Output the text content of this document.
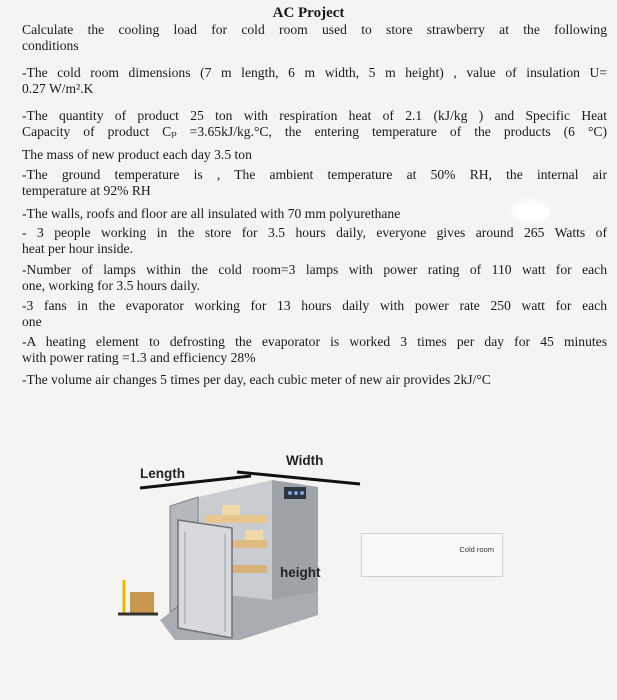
AC Project
Calculate the cooling load for cold room used to store strawberry at the following
conditions
-The cold room dimensions (7 m length, 6 m width, 5 m height) , value of insulation U=
0.27 W/m².K
-The quantity of product 25 ton with respiration heat of 2.1 (kJ/kg ) and Specific Heat
Capacity of product Cₚ =3.65kJ/kg.°C, the entering temperature of the products (6 °C)
The mass of new product each day 3.5 ton
-The ground temperature is , The ambient temperature at 50% RH, the internal air
temperature at 92% RH
-The walls, roofs and floor are all insulated with 70 mm polyurethane
- 3 people working in the store for 3.5 hours daily, everyone gives around 265 Watts of
heat per hour inside.
-Number of lamps within the cold room=3 lamps with power rating of 110 watt for each
one, working for 3.5 hours daily.
-3 fans in the evaporator working for 13 hours daily with power rate 250 watt for each
one
-A heating element to defrosting the evaporator is worked 3 times per day for 45 minutes
with power rating =1.3 and efficiency 28%
-The volume air changes 5 times per day, each cubic meter of new air provides 2kJ/°C
Length
Width
height
Cold room
